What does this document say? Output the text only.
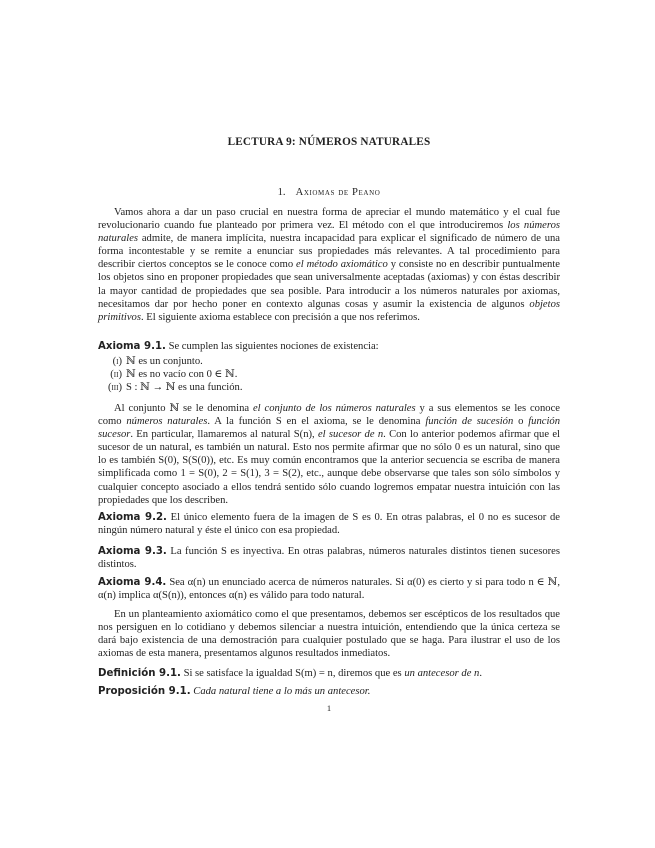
LECTURA 9: NÚMEROS NATURALES
1. Axiomas de Peano

Vamos ahora a dar un paso crucial en nuestra forma de apreciar el mundo matemático y el cual fue revolucionario cuando fue planteado por primera vez. El método con el que introduciremos los números naturales admite, de manera implícita, nuestra incapacidad para explicar el significado de número de una forma incontestable y se remite a enunciar sus propiedades más relevantes. A tal procedimiento para describir ciertos conceptos se le conoce como el método axiomático y consiste no en describir puntualmente los objetos sino en proponer propiedades que sean universalmente aceptadas (axiomas) y con éstas describir la mayor cantidad de propiedades que sea posible. Para introducir a los números naturales por axiomas, necesitamos dar por hecho poner en contexto algunas cosas y asumir la existencia de algunos objetos primitivos. El siguiente axioma establece con precisión a que nos referimos.

Axioma 9.1. Se cumplen las siguientes nociones de existencia:

(i) ℕ es un conjunto.
(ii) ℕ es no vacío con 0 ∈ ℕ.
(iii) S : ℕ → ℕ es una función.

Al conjunto ℕ se le denomina el conjunto de los números naturales y a sus elementos se les conoce como números naturales. A la función S en el axioma, se le denomina función de sucesión o función sucesor. En particular, llamaremos al natural S(n), el sucesor de n. Con lo anterior podemos afirmar que el sucesor de un natural, es también un natural. Esto nos permite afirmar que no sólo 0 es un natural, sino que lo es también S(0), S(S(0)), etc. Es muy común encontramos que la anterior secuencia se escriba de manera simplificada como 1 = S(0), 2 = S(1), 3 = S(2), etc., aunque debe observarse que tales son sólo símbolos y cualquier concepto asociado a ellos tendrá sentido sólo cuando logremos empatar nuestra intuición con las propiedades que los describen.

Axioma 9.2. El único elemento fuera de la imagen de S es 0. En otras palabras, el 0 no es sucesor de ningún número natural y éste el único con esa propiedad.

Axioma 9.3. La función S es inyectiva. En otras palabras, números naturales distintos tienen sucesores distintos.

Axioma 9.4. Sea α(n) un enunciado acerca de números naturales. Si α(0) es cierto y si para todo n ∈ ℕ, α(n) implica α(S(n)), entonces α(n) es válido para todo natural.

En un planteamiento axiomático como el que presentamos, debemos ser escépticos de los resultados que nos persiguen en lo cotidiano y debemos silenciar a nuestra intuición, entendiendo que la única certeza se dará bajo existencia de una demostración para cualquier postulado que se haga. Para ilustrar el uso de los axiomas de esta manera, presentamos algunos resultados inmediatos.

Definición 9.1. Si se satisface la igualdad S(m) = n, diremos que es un antecesor de n.

Proposición 9.1. Cada natural tiene a lo más un antecesor.

1
